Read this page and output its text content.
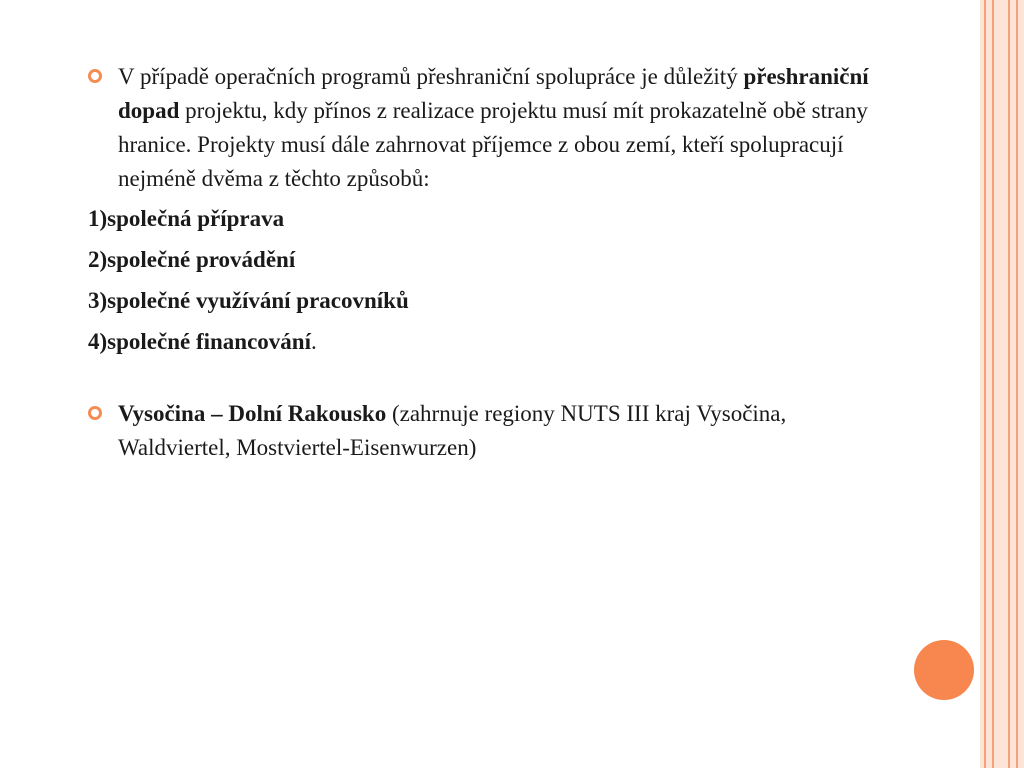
V případě operačních programů přeshraniční spolupráce je důležitý přeshraniční dopad projektu, kdy přínos z realizace projektu musí mít prokazatelně obě strany hranice. Projekty musí dále zahrnovat příjemce z obou zemí, kteří spolupracují nejméně dvěma z těchto způsobů:
1)společná příprava
2)společné provádění
3)společné využívání pracovníků
4)společné financování.
Vysočina – Dolní Rakousko (zahrnuje regiony NUTS III kraj Vysočina, Waldviertel, Mostviertel-Eisenwurzen)
